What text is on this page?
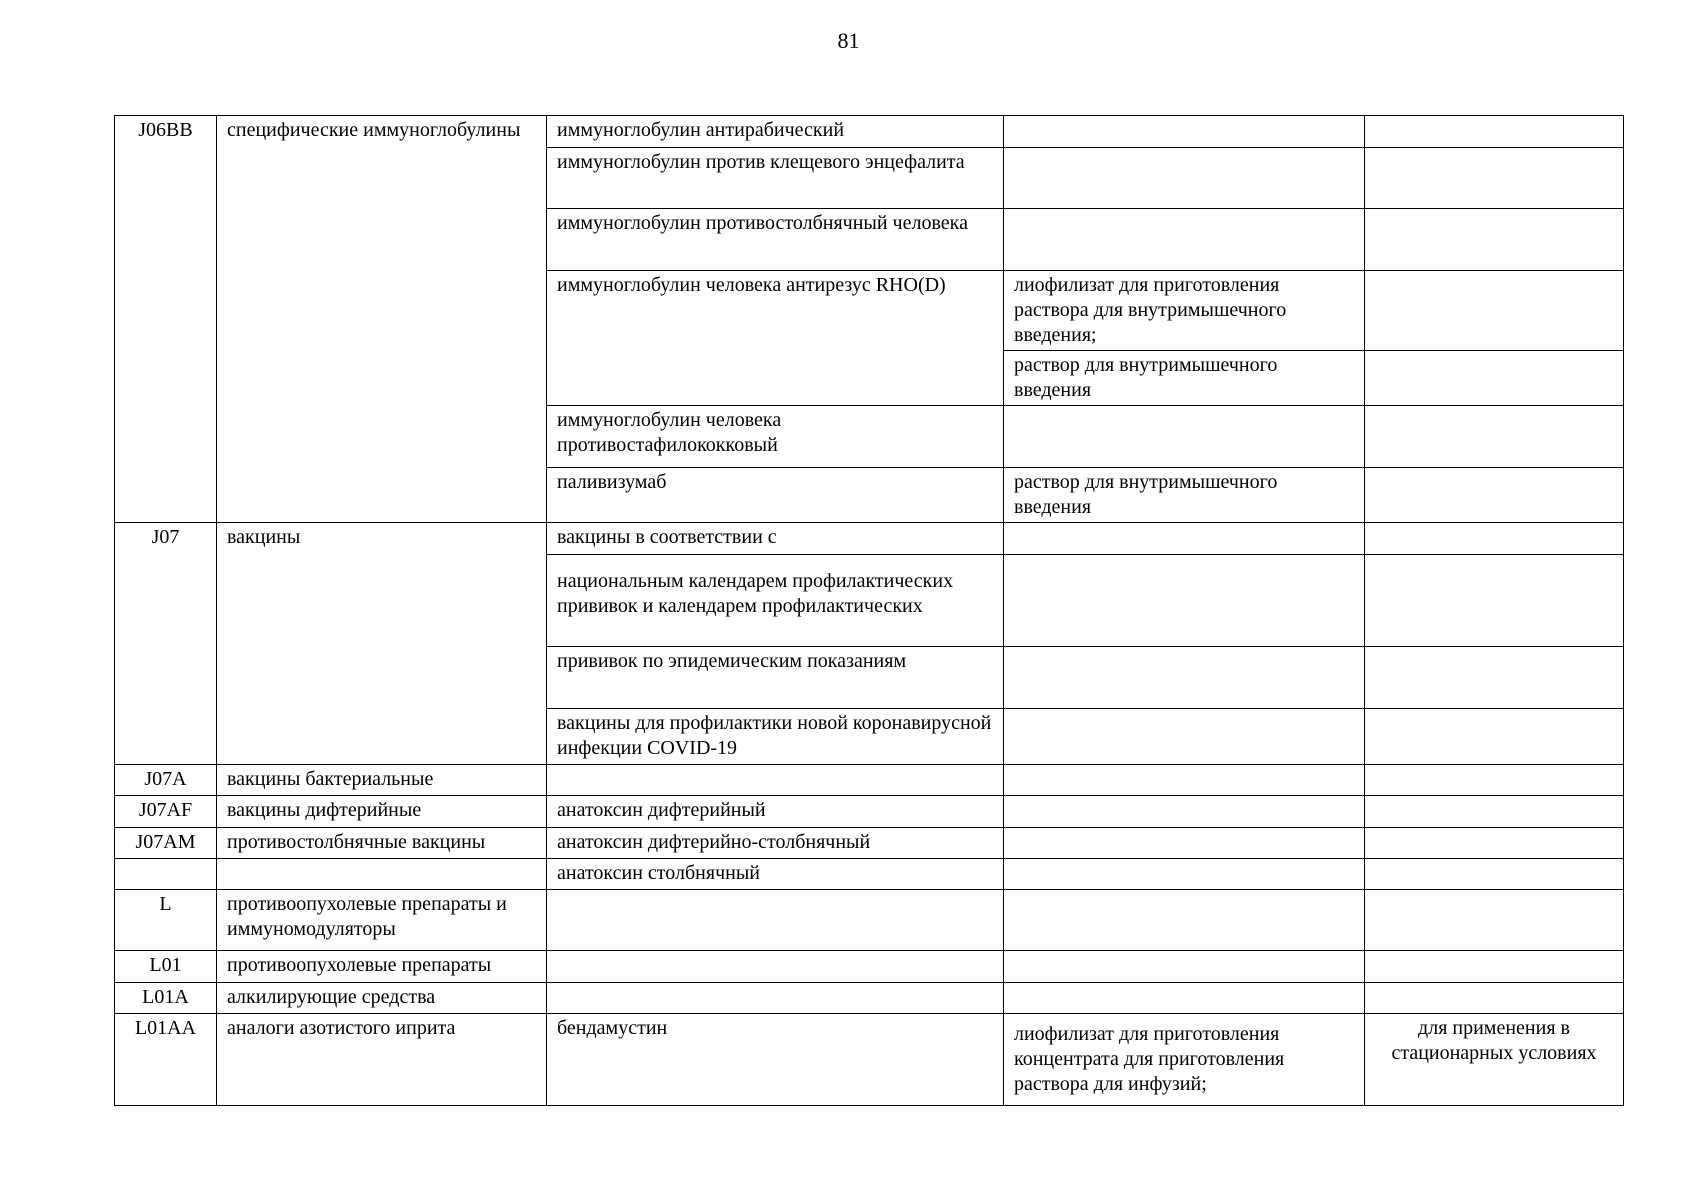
81
J06BB	специфические иммуноглобулины	иммуноглобулин антирабический		
		иммуноглобулин против клещевого энцефалита		
		иммуноглобулин противостолбнячный человека		
		иммуноглобулин человека антирезус RHO(D)	лиофилизат для приготовления раствора для внутримышечного введения;	
			раствор для внутримышечного введения	
		иммуноглобулин человека противостафилококковый		
		паливизумаб	раствор для внутримышечного введения	
J07	вакцины	вакцины в соответствии с		
		национальным календарем профилактических прививок и календарем профилактических		
		прививок по эпидемическим показаниям		
		вакцины для профилактики новой коронавирусной инфекции COVID-19		
J07A	вакцины бактериальные			
J07AF	вакцины дифтерийные	анатоксин дифтерийный		
J07AM	противостолбнячные вакцины	анатоксин дифтерийно-столбнячный		
		анатоксин столбнячный		
L	противоопухолевые препараты и иммуномодуляторы			
L01	противоопухолевые препараты			
L01A	алкилирующие средства			
L01AA	аналоги азотистого иприта	бендамустин	лиофилизат для приготовления концентрата для приготовления раствора для инфузий;	для применения в стационарных условиях
